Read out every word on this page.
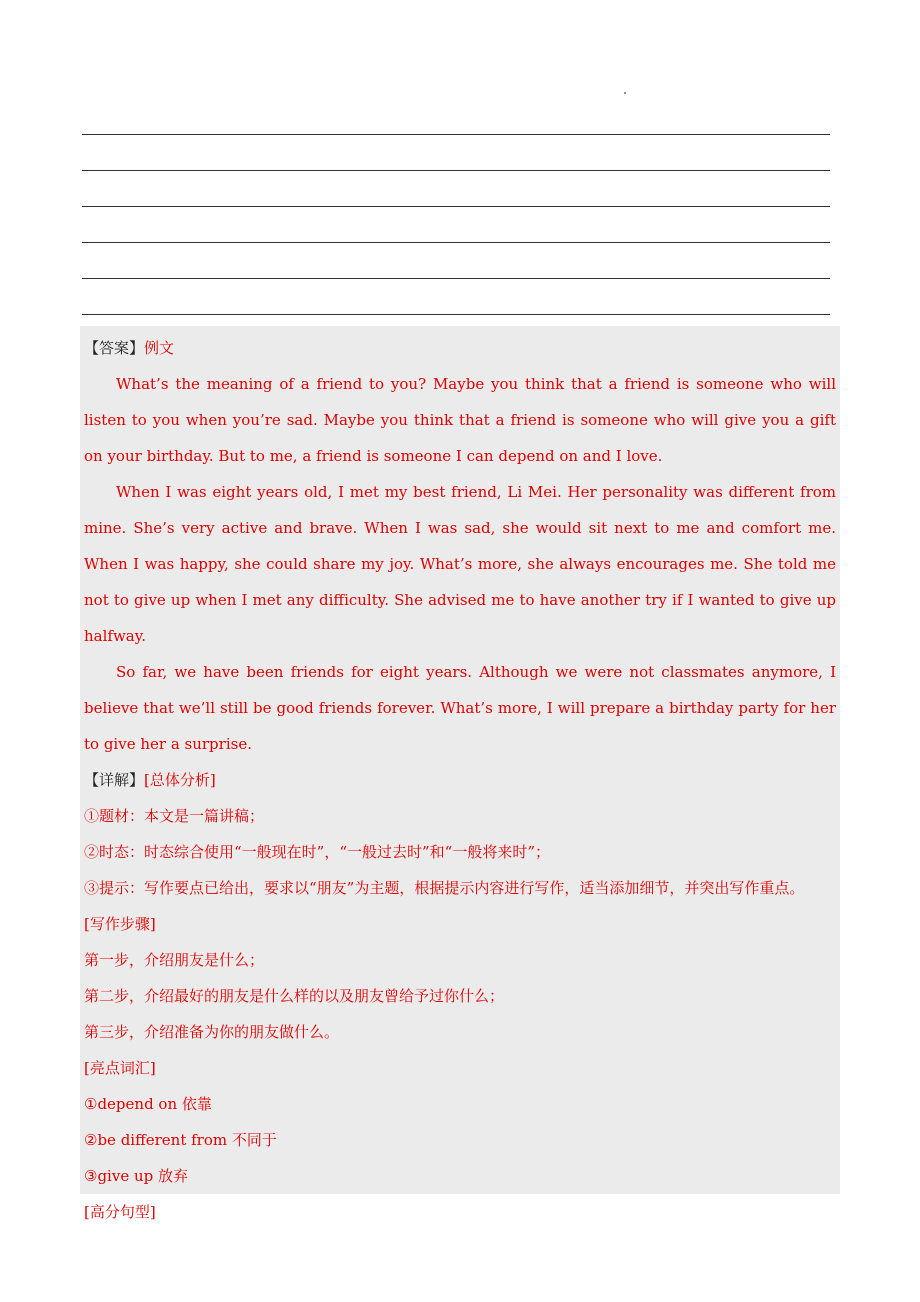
【答案】例文
What’s the meaning of a friend to you? Maybe you think that a friend is someone who will listen to you when you’re sad. Maybe you think that a friend is someone who will give you a gift on your birthday. But to me, a friend is someone I can depend on and I love.
When I was eight years old, I met my best friend, Li Mei. Her personality was different from mine. She’s very active and brave. When I was sad, she would sit next to me and comfort me. When I was happy, she could share my joy. What’s more, she always encourages me. She told me not to give up when I met any difficulty. She advised me to have another try if I wanted to give up halfway.
So far, we have been friends for eight years. Although we were not classmates anymore, I believe that we’ll still be good friends forever. What’s more, I will prepare a birthday party for her to give her a surprise.
【详解】[总体分析]
①题材：本文是一篇讲稿；
②时态：时态综合使用“一般现在时”，“一般过去时”和“一般将来时”；
③提示：写作要点已给出，要求以“朋友”为主题，根据提示内容进行写作，适当添加细节，并突出写作重点。
[写作步骤]
第一步，介绍朋友是什么；
第二步，介绍最好的朋友是什么样的以及朋友曾给予过你什么；
第三步，介绍准备为你的朋友做什么。
[亮点词汇]
①depend on 依靠
②be different from 不同于
③give up 放弃
[高分句型]
